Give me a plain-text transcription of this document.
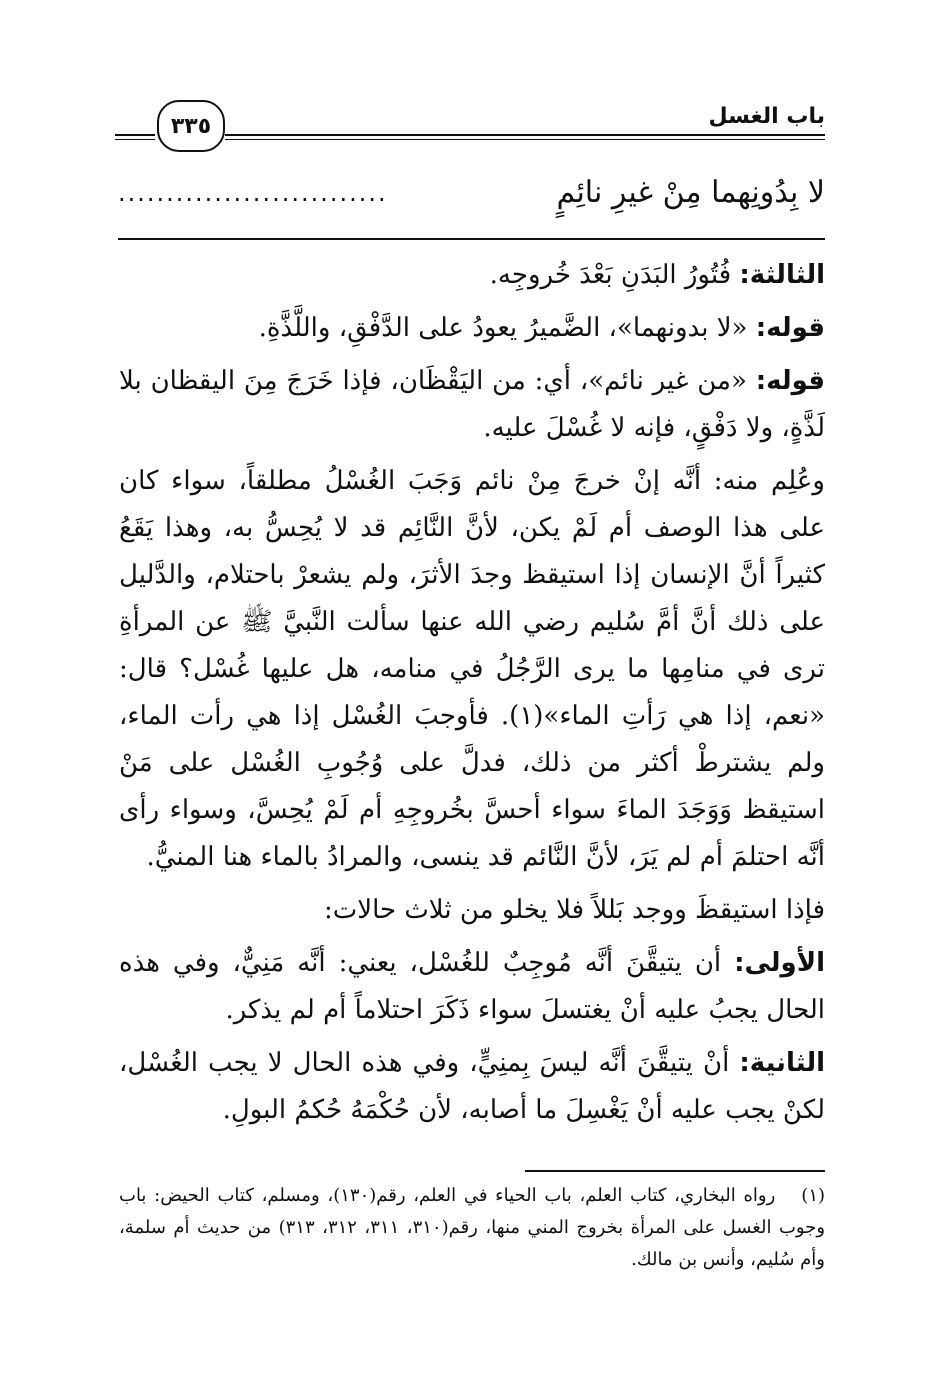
باب الغسل
٣٣٥
لا بِدُونِهما مِنْ غيرِ نائِمٍ
............................

الثالثة: فُتُورُ البَدَنِ بَعْدَ خُروجِه.

قوله: «لا بدونهما»، الضَّميرُ يعودُ على الدَّفْقِ، واللَّذَّةِ.

قوله: «من غير نائم»، أي: من اليَقْظَان، فإذا خَرَجَ مِنَ اليقظان بلا لَذَّةٍ، ولا دَفْقٍ، فإنه لا غُسْلَ عليه.

وعُلِم منه: أنَّه إنْ خرجَ مِنْ نائم وَجَبَ الغُسْلُ مطلقاً، سواء كان على هذا الوصف أم لَمْ يكن، لأنَّ النَّائِم قد لا يُحِسُّ به، وهذا يَقَعُ كثيراً أنَّ الإنسان إذا استيقظ وجدَ الأثرَ، ولم يشعرْ باحتلام، والدَّليل على ذلك أنَّ أمَّ سُليم رضي الله عنها سألت النَّبيَّ ﷺ عن المرأةِ ترى في منامِها ما يرى الرَّجُلُ في منامه، هل عليها غُسْل؟ قال: «نعم، إذا هي رَأتِ الماء»(١). فأوجبَ الغُسْل إذا هي رأت الماء، ولم يشترطْ أكثر من ذلك، فدلَّ على وُجُوبِ الغُسْل على مَنْ استيقظ وَوَجَدَ الماءَ سواء أحسَّ بخُروجِهِ أم لَمْ يُحِسَّ، وسواء رأى أنَّه احتلمَ أم لم يَرَ، لأنَّ النَّائم قد ينسى، والمرادُ بالماء هنا المنيُّ.

فإذا استيقظَ ووجد بَللاً فلا يخلو من ثلاث حالات:

الأولى: أن يتيقَّنَ أنَّه مُوجِبٌ للغُسْل، يعني: أنَّه مَنِيٌّ، وفي هذه الحال يجبُ عليه أنْ يغتسلَ سواء ذَكَرَ احتلاماً أم لم يذكر.

الثانية: أنْ يتيقَّنَ أنَّه ليسَ بِمنِيٍّ، وفي هذه الحال لا يجب الغُسْل، لكنْ يجب عليه أنْ يَغْسِلَ ما أصابه، لأن حُكْمَهُ حُكمُ البولِ.

(١)رواه البخاري، كتاب العلم، باب الحياء في العلم، رقم(١٣٠)، ومسلم، كتاب الحيض: باب وجوب الغسل على المرأة بخروج المني منها، رقم(٣١٠، ٣١١، ٣١٢، ٣١٣) من حديث أم سلمة، وأم سُليم، وأنس بن مالك.
